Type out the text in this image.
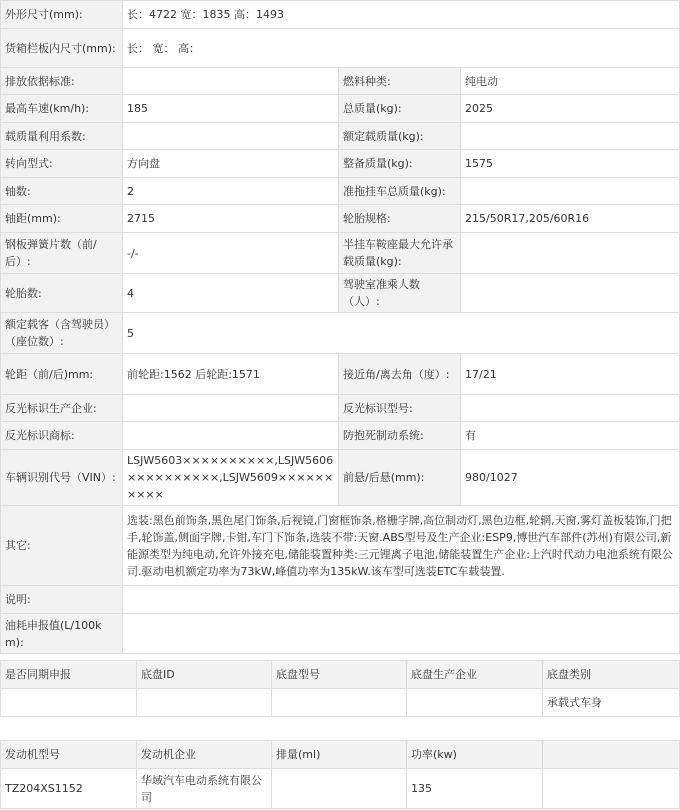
外形尺寸(mm):	长：4722 宽：1835 高：1493		
货箱栏板内尺寸(mm):	长： 宽： 高：		
排放依据标准:		燃料种类:	纯电动
最高车速(km/h):	185	总质量(kg):	2025
载质量利用系数:		额定载质量(kg):	
转向型式:	方向盘	整备质量(kg):	1575
轴数:	2	准拖挂车总质量(kg):	
轴距(mm):	2715	轮胎规格:	215/50R17,205/60R16
钢板弹簧片数（前/后）:	-/-	半挂车鞍座最大允许承载质量(kg):	
轮胎数:	4	驾驶室准乘人数（人）:	
额定载客（含驾驶员）（座位数）:	5		
轮距（前/后)mm:	前轮距:1562 后轮距:1571	接近角/离去角（度）:	17/21
反光标识生产企业:		反光标识型号:	
反光标识商标:		防抱死制动系统:	有
车辆识别代号（VIN）:	LSJW5603××××××××××,LSJW5606××××××××××,LSJW5609××××××××××	前悬/后悬(mm):	980/1027
其它:	选装:黑色前饰条,黑色尾门饰条,后视镜,门窗框饰条,格栅字牌,高位制动灯,黑色边框,轮辋,天窗,雾灯盖板装饰,门把手,轮饰盖,侧面字牌,卡钳,车门下饰条,选装不带:天窗.ABS型号及生产企业:ESP9,博世汽车部件(苏州)有限公司,新能源类型为纯电动,允许外接充电,储能装置种类:三元锂离子电池,储能装置生产企业:上汽时代动力电池系统有限公司.驱动电机额定功率为73kW,峰值功率为135kW.该车型可选装ETC车载装置.		
说明:			
油耗申报值(L/100km):			
是否同期申报	底盘ID	底盘型号	底盘生产企业	底盘类别
				承载式车身
发动机型号	发动机企业	排量(ml)	功率(kw)	
TZ204XS1152	华域汽车电动系统有限公司		135	
